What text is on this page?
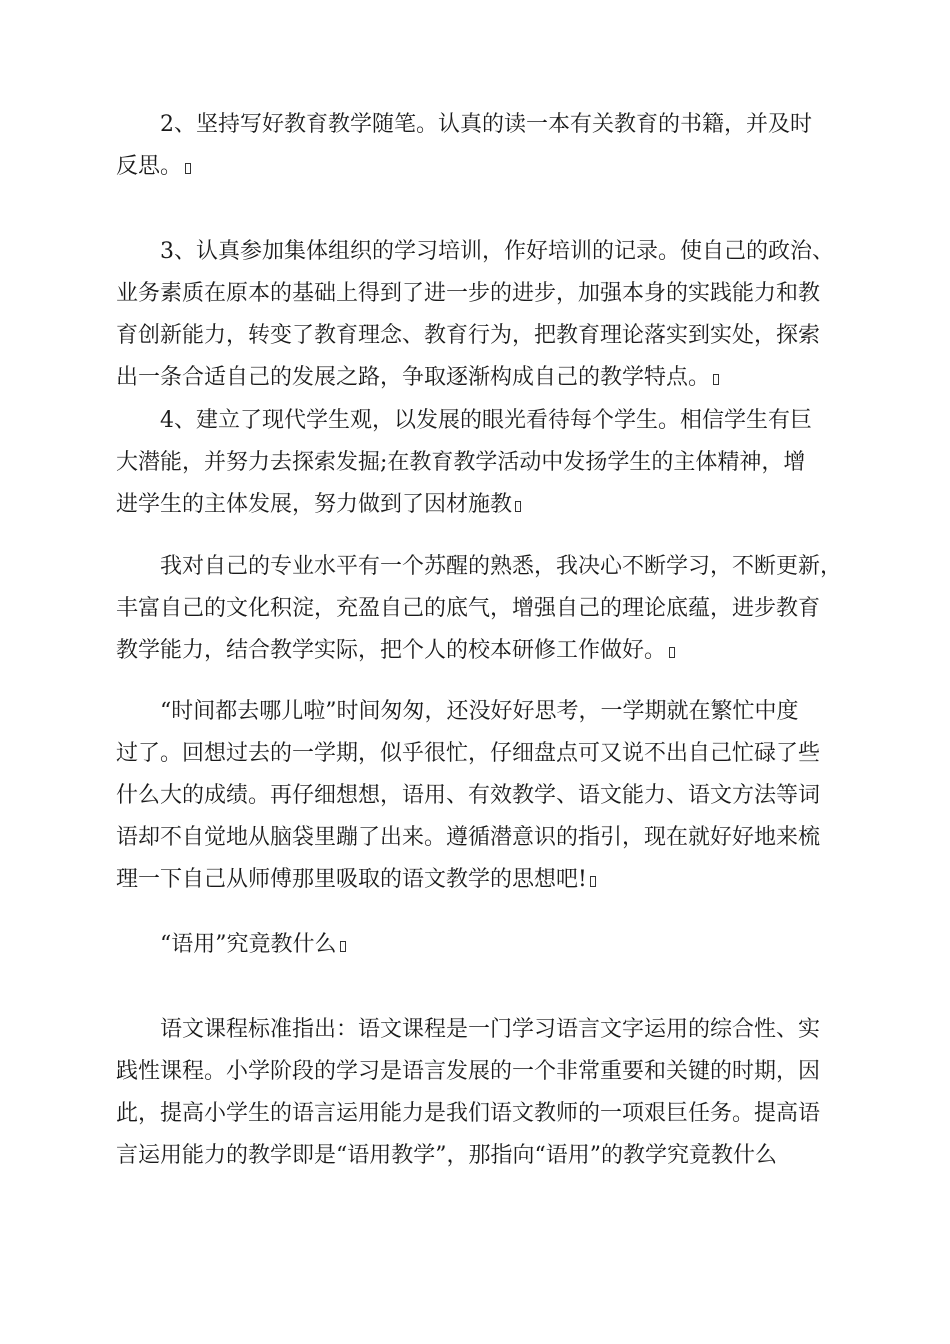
2、坚持写好教育教学随笔。认真的读一本有关教育的书籍，并及时
反思。
3、认真参加集体组织的学习培训，作好培训的记录。使自己的政治、
业务素质在原本的基础上得到了进一步的进步，加强本身的实践能力和教
育创新能力，转变了教育理念、教育行为，把教育理论落实到实处，探索
出一条合适自己的发展之路，争取逐渐构成自己的教学特点。
4、建立了现代学生观，以发展的眼光看待每个学生。相信学生有巨
大潜能，并努力去探索发掘;在教育教学活动中发扬学生的主体精神，增
进学生的主体发展，努力做到了因材施教
我对自己的专业水平有一个苏醒的熟悉，我决心不断学习，不断更新，
丰富自己的文化积淀，充盈自己的底气，增强自己的理论底蕴，进步教育
教学能力，结合教学实际，把个人的校本研修工作做好。
“时间都去哪儿啦”时间匆匆，还没好好思考，一学期就在繁忙中度
过了。回想过去的一学期，似乎很忙，仔细盘点可又说不出自己忙碌了些
什么大的成绩。再仔细想想，语用、有效教学、语文能力、语文方法等词
语却不自觉地从脑袋里蹦了出来。遵循潜意识的指引，现在就好好地来梳
理一下自己从师傅那里吸取的语文教学的思想吧!
“语用”究竟教什么
语文课程标准指出：语文课程是一门学习语言文字运用的综合性、实
践性课程。小学阶段的学习是语言发展的一个非常重要和关键的时期，因
此，提高小学生的语言运用能力是我们语文教师的一项艰巨任务。提高语
言运用能力的教学即是“语用教学”，那指向“语用”的教学究竟教什么
